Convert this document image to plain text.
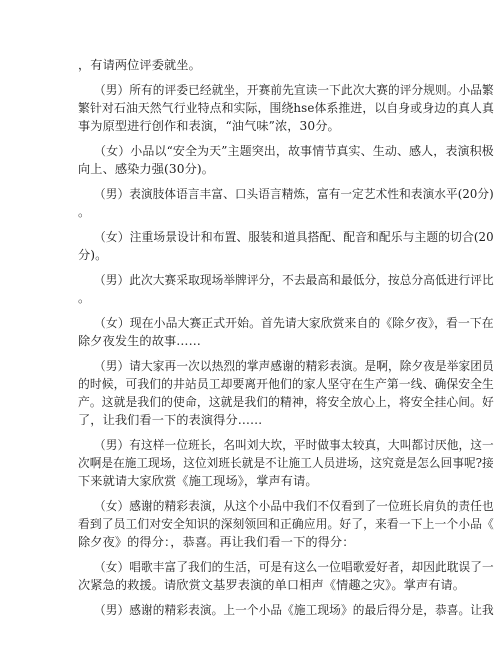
，有请两位评委就坐。
（男）所有的评委已经就坐，开赛前先宣读一下此次大赛的评分规则。小品繁
繁针对石油天然气行业特点和实际，围绕hse体系推进，以自身或身边的真人真
事为原型进行创作和表演，“油气味”浓，30分。
（女）小品以“安全为天”主题突出，故事情节真实、生动、感人，表演积极
向上、感染力强(30分)。
（男）表演肢体语言丰富、口头语言精炼，富有一定艺术性和表演水平(20分)
。
（女）注重场景设计和布置、服装和道具搭配、配音和配乐与主题的切合(20
分)。
（男）此次大赛采取现场举牌评分，不去最高和最低分，按总分高低进行评比
。
（女）现在小品大赛正式开始。首先请大家欣赏来自的《除夕夜》，看一下在
除夕夜发生的故事……
（男）请大家再一次以热烈的掌声感谢的精彩表演。是啊，除夕夜是举家团员
的时候，可我们的井站员工却要离开他们的家人坚守在生产第一线、确保安全生
产。这就是我们的使命，这就是我们的精神，将安全放心上，将安全挂心间。好
了，让我们看一下的表演得分……
（男）有这样一位班长，名叫刘大坎，平时做事太较真，大叫都讨厌他，这一
次啊是在施工现场，这位刘班长就是不让施工人员进场，这究竟是怎么回事呢?接
下来就请大家欣赏《施工现场》，掌声有请。
（女）感谢的精彩表演，从这个小品中我们不仅看到了一位班长肩负的责任也
看到了员工们对安全知识的深刻领回和正确应用。好了，来看一下上一个小品《
除夕夜》的得分：，恭喜。再让我们看一下的得分：
（女）唱歌丰富了我们的生活，可是有这么一位唱歌爱好者，却因此耽误了一
次紧急的救援。请欣赏文基罗表演的单口相声《情趣之灾》。掌声有请。
（男）感谢的精彩表演。上一个小品《施工现场》的最后得分是，恭喜。让我
